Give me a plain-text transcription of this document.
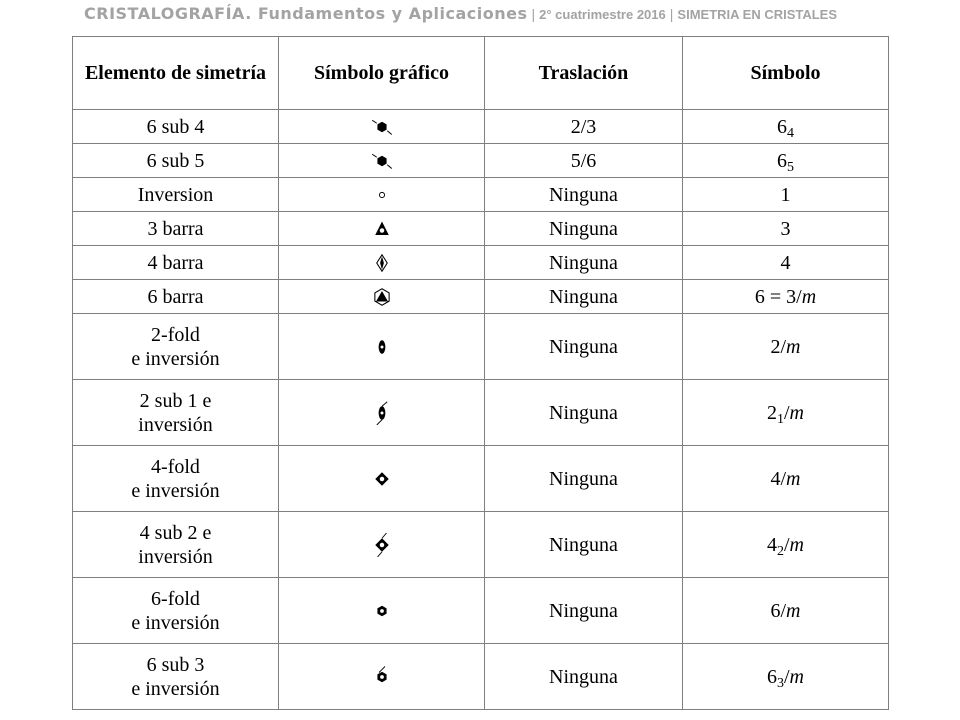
CRISTALOGRAFÍA. Fundamentos y Aplicaciones | 2° cuatrimestre 2016 | SIMETRIA EN CRISTALES
Elemento de simetría	Símbolo gráfico	Traslación	Símbolo

6 sub 4		2/3	$6_4$

6 sub 5		5/6	$6_5$

Inversion		Ninguna	1

3 barra		Ninguna	3

4 barra		Ninguna	4

6 barra		Ninguna	6 = 3/m

2-fold
e inversión		Ninguna	2/m

2 sub 1 e
inversión		Ninguna	$2_1/m$

4-fold
e inversión		Ninguna	4/m

4 sub 2 e
inversión		Ninguna	$4_2/m$

6-fold
e inversión		Ninguna	6/m

6 sub 3
e inversión		Ninguna	$6_3/m$
